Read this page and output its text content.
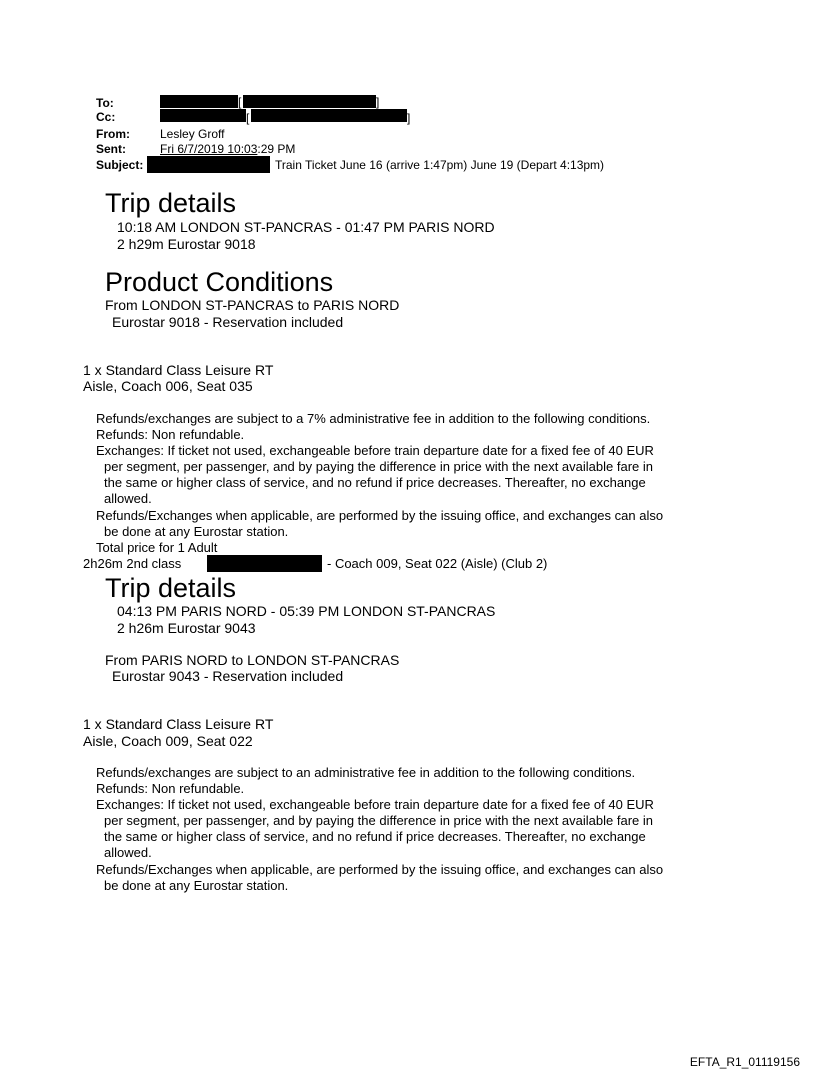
To:	[	]
Cc:	[	]
From:	Lesley Groff
Sent:	Fri 6/7/2019 10:03:29 PM
Subject:	Train Ticket June 16 (arrive 1:47pm) June 19 (Depart 4:13pm)
Trip details
10:18 AM LONDON ST-PANCRAS - 01:47 PM PARIS NORD
2 h29m Eurostar 9018
Product Conditions
From LONDON ST-PANCRAS to PARIS NORD
Eurostar 9018 - Reservation included
1 x Standard Class Leisure RT
Aisle, Coach 006, Seat 035
Refunds/exchanges are subject to a 7% administrative fee in addition to the following conditions.
Refunds: Non refundable.
Exchanges: If ticket not used, exchangeable before train departure date for a fixed fee of 40 EUR
per segment, per passenger, and by paying the difference in price with the next available fare in
the same or higher class of service, and no refund if price decreases. Thereafter, no exchange
allowed.
Refunds/Exchanges when applicable, are performed by the issuing office, and exchanges can also
be done at any Eurostar station.
Total price for 1 Adult
2h26m 2nd class	- Coach 009, Seat 022 (Aisle) (Club 2)
Trip details
04:13 PM PARIS NORD - 05:39 PM LONDON ST-PANCRAS
2 h26m Eurostar 9043
From PARIS NORD to LONDON ST-PANCRAS
Eurostar 9043 - Reservation included
1 x Standard Class Leisure RT
Aisle, Coach 009, Seat 022
Refunds/exchanges are subject to an administrative fee in addition to the following conditions.
Refunds: Non refundable.
Exchanges: If ticket not used, exchangeable before train departure date for a fixed fee of 40 EUR
per segment, per passenger, and by paying the difference in price with the next available fare in
the same or higher class of service, and no refund if price decreases. Thereafter, no exchange
allowed.
Refunds/Exchanges when applicable, are performed by the issuing office, and exchanges can also
be done at any Eurostar station.
EFTA_R1_01119156
